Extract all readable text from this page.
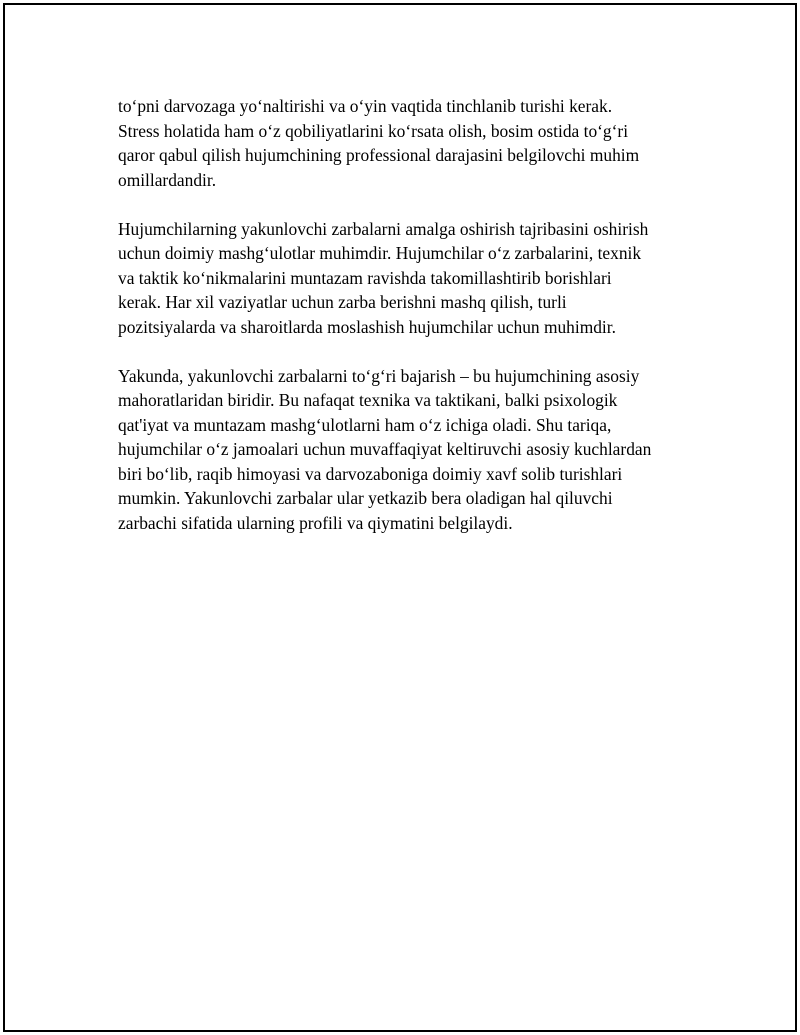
to‘pni darvozaga yo‘naltirishi va o‘yin vaqtida tinchlanib turishi kerak.
Stress holatida ham o‘z qobiliyatlarini ko‘rsata olish, bosim ostida to‘g‘ri
qaror qabul qilish hujumchining professional darajasini belgilovchi muhim
omillardandir.

Hujumchilarning yakunlovchi zarbalarni amalga oshirish tajribasini oshirish
uchun doimiy mashg‘ulotlar muhimdir. Hujumchilar o‘z zarbalarini, texnik
va taktik ko‘nikmalarini muntazam ravishda takomillashtirib borishlari
kerak. Har xil vaziyatlar uchun zarba berishni mashq qilish, turli
pozitsiyalarda va sharoitlarda moslashish hujumchilar uchun muhimdir.

Yakunda, yakunlovchi zarbalarni to‘g‘ri bajarish – bu hujumchining asosiy
mahoratlaridan biridir. Bu nafaqat texnika va taktikani, balki psixologik
qat'iyat va muntazam mashg‘ulotlarni ham o‘z ichiga oladi. Shu tariqa,
hujumchilar o‘z jamoalari uchun muvaffaqiyat keltiruvchi asosiy kuchlardan
biri bo‘lib, raqib himoyasi va darvozaboniga doimiy xavf solib turishlari
mumkin. Yakunlovchi zarbalar ular yetkazib bera oladigan hal qiluvchi
zarbachi sifatida ularning profili va qiymatini belgilaydi.
